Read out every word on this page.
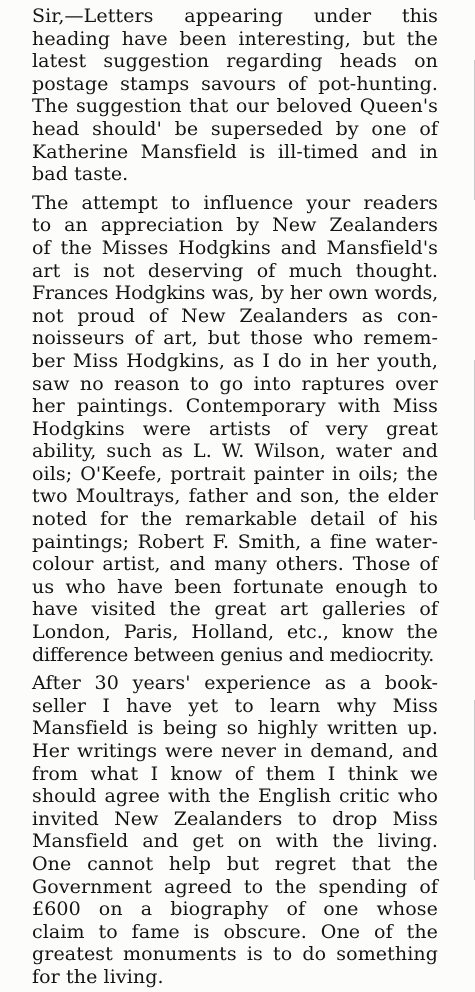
Sir,—Letters appearing under this
heading have been interesting, but the
latest suggestion regarding heads on
postage stamps savours of pot-hunting.
The suggestion that our beloved Queen's
head should' be superseded by one of
Katherine Mansfield is ill-timed and in
bad taste.

The attempt to influence your readers
to an appreciation by New Zealanders
of the Misses Hodgkins and Mansfield's
art is not deserving of much thought.
Frances Hodgkins was, by her own words,
not proud of New Zealanders as con-
noisseurs of art, but those who remem-
ber Miss Hodgkins, as I do in her youth,
saw no reason to go into raptures over
her paintings. Contemporary with Miss
Hodgkins were artists of very great
ability, such as L. W. Wilson, water and
oils; O'Keefe, portrait painter in oils; the
two Moultrays, father and son, the elder
noted for the remarkable detail of his
paintings; Robert F. Smith, a fine water-
colour artist, and many others. Those of
us who have been fortunate enough to
have visited the great art galleries of
London, Paris, Holland, etc., know the
difference between genius and mediocrity.

After 30 years' experience as a book-
seller I have yet to learn why Miss
Mansfield is being so highly written up.
Her writings were never in demand, and
from what I know of them I think we
should agree with the English critic who
invited New Zealanders to drop Miss
Mansfield and get on with the living.
One cannot help but regret that the
Government agreed to the spending of
£600 on a biography of one whose
claim to fame is obscure. One of the
greatest monuments is to do something
for the living.
